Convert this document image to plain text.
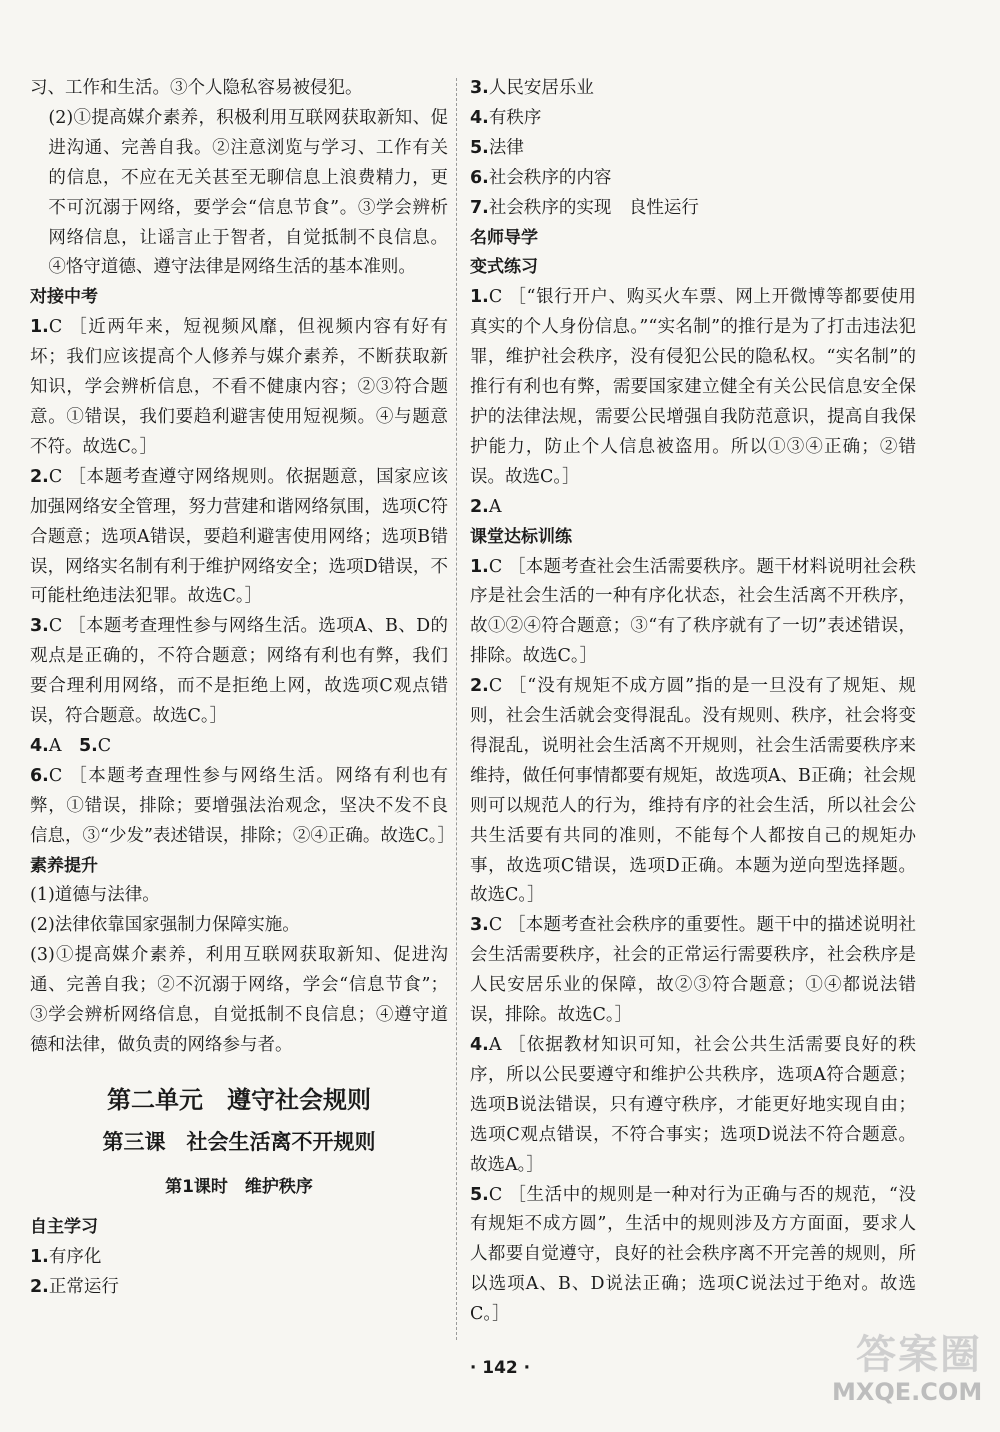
习、工作和生活。③个人隐私容易被侵犯。

(2)①提高媒介素养，积极利用互联网获取新知、促进沟通、完善自我。②注意浏览与学习、工作有关的信息，不应在无关甚至无聊信息上浪费精力，更不可沉溺于网络，要学会“信息节食”。③学会辨析网络信息，让谣言止于智者，自觉抵制不良信息。④恪守道德、遵守法律是网络生活的基本准则。

对接中考

1.C ［近两年来，短视频风靡，但视频内容有好有坏；我们应该提高个人修养与媒介素养，不断获取新知识，学会辨析信息，不看不健康内容；②③符合题意。①错误，我们要趋利避害使用短视频。④与题意不符。故选C。］

2.C ［本题考查遵守网络规则。依据题意，国家应该加强网络安全管理，努力营建和谐网络氛围，选项C符合题意；选项A错误，要趋利避害使用网络；选项B错误，网络实名制有利于维护网络安全；选项D错误，不可能杜绝违法犯罪。故选C。］

3.C ［本题考查理性参与网络生活。选项A、B、D的观点是正确的，不符合题意；网络有利也有弊，我们要合理利用网络，而不是拒绝上网，故选项C观点错误，符合题意。故选C。］

4.A　 5.C

6.C ［本题考查理性参与网络生活。网络有利也有弊，①错误，排除；要增强法治观念，坚决不发不良信息，③“少发”表述错误，排除；②④正确。故选C。］

素养提升

(1)道德与法律。

(2)法律依靠国家强制力保障实施。

(3)①提高媒介素养，利用互联网获取新知、促进沟通、完善自我；②不沉溺于网络，学会“信息节食”；③学会辨析网络信息，自觉抵制不良信息；④遵守道德和法律，做负责的网络参与者。

第二单元　遵守社会规则
第三课　社会生活离不开规则
第1课时　维护秩序
自主学习

1.有序化

2.正常运行

3.人民安居乐业

4.有秩序

5.法律

6.社会秩序的内容

7.社会秩序的实现　良性运行

名师导学
变式练习

1.C ［“银行开户、购买火车票、网上开微博等都要使用真实的个人身份信息。”“实名制”的推行是为了打击违法犯罪，维护社会秩序，没有侵犯公民的隐私权。“实名制”的推行有利也有弊，需要国家建立健全有关公民信息安全保护的法律法规，需要公民增强自我防范意识，提高自我保护能力，防止个人信息被盗用。所以①③④正确；②错误。故选C。］

2.A

课堂达标训练

1.C ［本题考查社会生活需要秩序。题干材料说明社会秩序是社会生活的一种有序化状态，社会生活离不开秩序，故①②④符合题意；③“有了秩序就有了一切”表述错误，排除。故选C。］

2.C ［“没有规矩不成方圆”指的是一旦没有了规矩、规则，社会生活就会变得混乱。没有规则、秩序，社会将变得混乱，说明社会生活离不开规则，社会生活需要秩序来维持，做任何事情都要有规矩，故选项A、B正确；社会规则可以规范人的行为，维持有序的社会生活，所以社会公共生活要有共同的准则，不能每个人都按自己的规矩办事，故选项C错误，选项D正确。本题为逆向型选择题。故选C。］

3.C ［本题考查社会秩序的重要性。题干中的描述说明社会生活需要秩序，社会的正常运行需要秩序，社会秩序是人民安居乐业的保障，故②③符合题意；①④都说法错误，排除。故选C。］

4.A ［依据教材知识可知，社会公共生活需要良好的秩序，所以公民要遵守和维护公共秩序，选项A符合题意；选项B说法错误，只有遵守秩序，才能更好地实现自由；选项C观点错误，不符合事实；选项D说法不符合题意。故选A。］

5.C ［生活中的规则是一种对行为正确与否的规范，“没有规矩不成方圆”，生活中的规则涉及方方面面，要求人人都要自觉遵守，良好的社会秩序离不开完善的规则，所以选项A、B、D说法正确；选项C说法过于绝对。故选C。］

· 142 ·	答案圈
MXQE.COM
